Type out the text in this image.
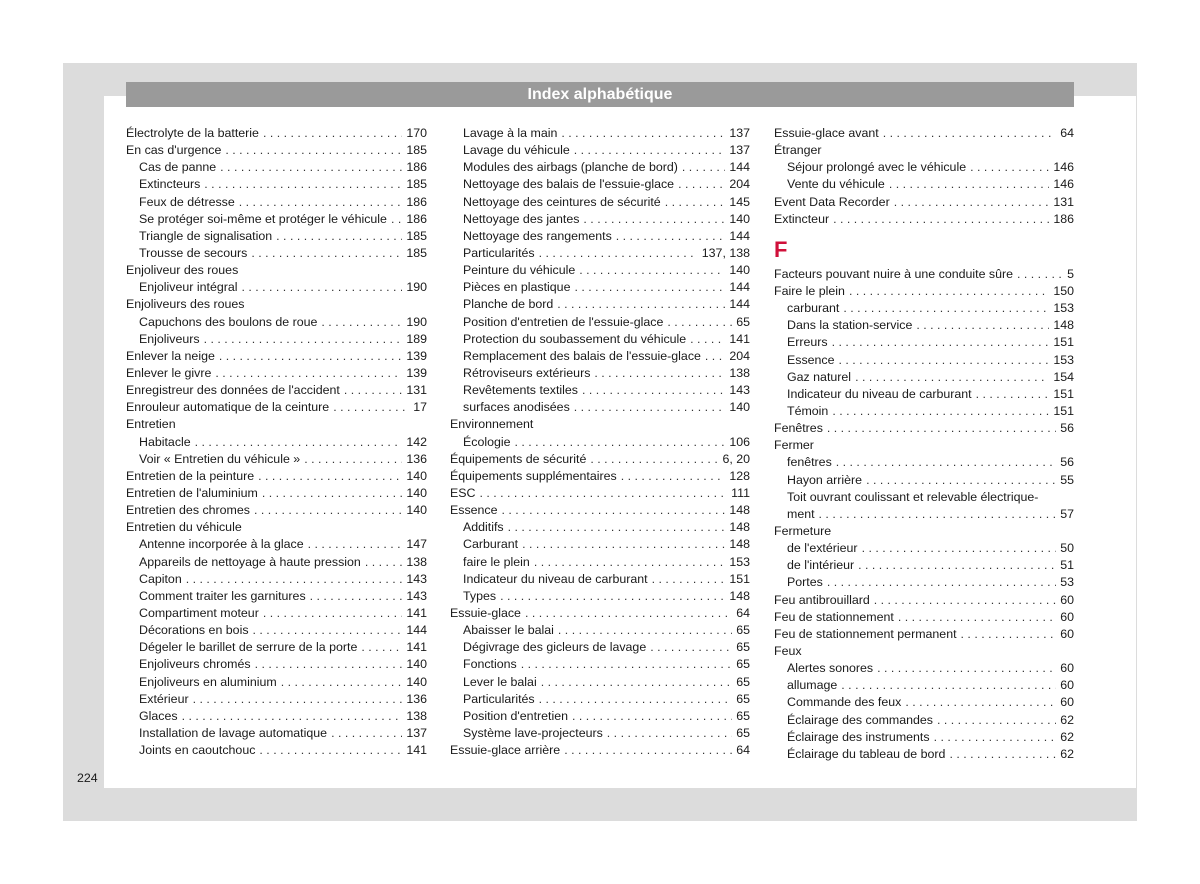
Index alphabétique
Électrolyte de la batterie . . .	170
En cas d'urgence . . .	185
Cas de panne . . .	186
Extincteurs . . .	185
Feux de détresse . . .	186
Se protéger soi-même et protéger le véhicule . . . 186
Triangle de signalisation . . .	185
Trousse de secours . . .	185
Enjoliveur des roues
Enjoliveur intégral . . .	190
Enjoliveurs des roues
Capuchons des boulons de roue . . .	190
Enjoliveurs . . .	189
Enlever la neige . . .	139
Enlever le givre . . .	139
Enregistreur des données de l'accident . . .	131
Enrouleur automatique de la ceinture . . .	17
Entretien
Habitacle . . .	142
Voir « Entretien du véhicule » . . .	136
Entretien de la peinture . . .	140
Entretien de l'aluminium . . .	140
Entretien des chromes . . .	140
Entretien du véhicule
Antenne incorporée à la glace . . .	147
Appareils de nettoyage à haute pression . . .	138
Capiton . . .	143
Comment traiter les garnitures . . .	143
Compartiment moteur . . .	141
Décorations en bois . . .	144
Dégeler le barillet de serrure de la porte . . .	141
Enjoliveurs chromés . . .	140
Enjoliveurs en aluminium . . .	140
Extérieur . . .	136
Glaces . . .	138
Installation de lavage automatique . . .	137
Joints en caoutchouc . . .	141
Lavage à la main . . .	137
Lavage du véhicule . . .	137
Modules des airbags (planche de bord) . . .	144
Nettoyage des balais de l'essuie-glace . . .	204
Nettoyage des ceintures de sécurité . . .	145
Nettoyage des jantes . . .	140
Nettoyage des rangements . . .	144
Particularités . . .	137, 138
Peinture du véhicule . . .	140
Pièces en plastique . . .	144
Planche de bord . . .	144
Position d'entretien de l'essuie-glace . . .	65
Protection du soubassement du véhicule . . .	141
Remplacement des balais de l'essuie-glace . . . 204
Rétroviseurs extérieurs . . .	138
Revêtements textiles . . .	143
surfaces anodisées . . .	140
Environnement
Écologie . . .	106
Équipements de sécurité . . .	6, 20
Équipements supplémentaires . . .	128
ESC . . .	111
Essence . . .	148
Additifs . . .	148
Carburant . . .	148
faire le plein . . .	153
Indicateur du niveau de carburant . . .	151
Types . . .	148
Essuie-glace . . .	64
Abaisser le balai . . .	65
Dégivrage des gicleurs de lavage . . .	65
Fonctions . . .	65
Lever le balai . . .	65
Particularités . . .	65
Position d'entretien . . .	65
Système lave-projecteurs . . .	65
Essuie-glace arrière . . .	64
Essuie-glace avant . . .	64
Étranger
Séjour prolongé avec le véhicule . . .	146
Vente du véhicule . . .	146
Event Data Recorder . . .	131
Extincteur . . .	186
F
Facteurs pouvant nuire à une conduite sûre . . .	5
Faire le plein . . .	150
carburant . . .	153
Dans la station-service . . .	148
Erreurs . . .	151
Essence . . .	153
Gaz naturel . . .	154
Indicateur du niveau de carburant . . .	151
Témoin . . .	151
Fenêtres . . .	56
Fermer
fenêtres . . .	56
Hayon arrière . . .	55
Toit ouvrant coulissant et relevable électrique-
ment . . .	57
Fermeture
de l'extérieur . . .	50
de l'intérieur . . .	51
Portes . . .	53
Feu antibrouillard . . .	60
Feu de stationnement . . .	60
Feu de stationnement permanent . . .	60
Feux
Alertes sonores . . .	60
allumage . . .	60
Commande des feux . . .	60
Éclairage des commandes . . .	62
Éclairage des instruments . . .	62
Éclairage du tableau de bord . . .	62
224
